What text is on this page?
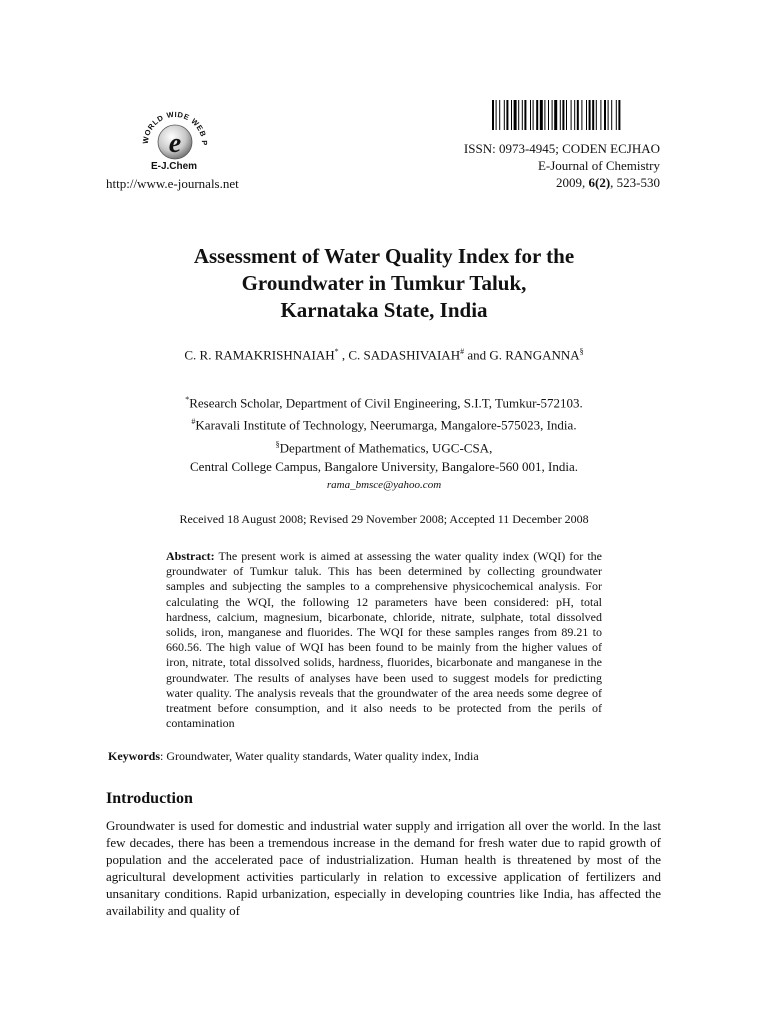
WORLD WIDE WEB P
e
E-J.Chem
http://www.e-journals.net
ISSN: 0973-4945; CODEN ECJHAO
E-Journal of Chemistry
2009, 6(2), 523-530
Assessment of Water Quality Index for the
Groundwater in Tumkur Taluk,
Karnataka State, India
C. R. RAMAKRISHNAIAH* , C. SADASHIVAIAH# and G. RANGANNA§
*Research Scholar, Department of Civil Engineering, S.I.T, Tumkur-572103.
#Karavali Institute of Technology, Neerumarga, Mangalore-575023, India.
§Department of Mathematics, UGC-CSA,
Central College Campus, Bangalore University, Bangalore-560 001, India.
rama_bmsce@yahoo.com
Received 18 August 2008; Revised 29 November 2008; Accepted 11 December 2008
Abstract: The present work is aimed at assessing the water quality index (WQI) for the groundwater of Tumkur taluk. This has been determined by collecting groundwater samples and subjecting the samples to a comprehensive physicochemical analysis. For calculating the WQI, the following 12 parameters have been considered: pH, total hardness, calcium, magnesium, bicarbonate, chloride, nitrate, sulphate, total dissolved solids, iron, manganese and fluorides. The WQI for these samples ranges from 89.21 to 660.56. The high value of WQI has been found to be mainly from the higher values of iron, nitrate, total dissolved solids, hardness, fluorides, bicarbonate and manganese in the groundwater. The results of analyses have been used to suggest models for predicting water quality. The analysis reveals that the groundwater of the area needs some degree of treatment before consumption, and it also needs to be protected from the perils of contamination
Keywords: Groundwater, Water quality standards, Water quality index, India
Introduction
Groundwater is used for domestic and industrial water supply and irrigation all over the world. In the last few decades, there has been a tremendous increase in the demand for fresh water due to rapid growth of population and the accelerated pace of industrialization. Human health is threatened by most of the agricultural development activities particularly in relation to excessive application of fertilizers and unsanitary conditions. Rapid urbanization, especially in developing countries like India, has affected the availability and quality of
